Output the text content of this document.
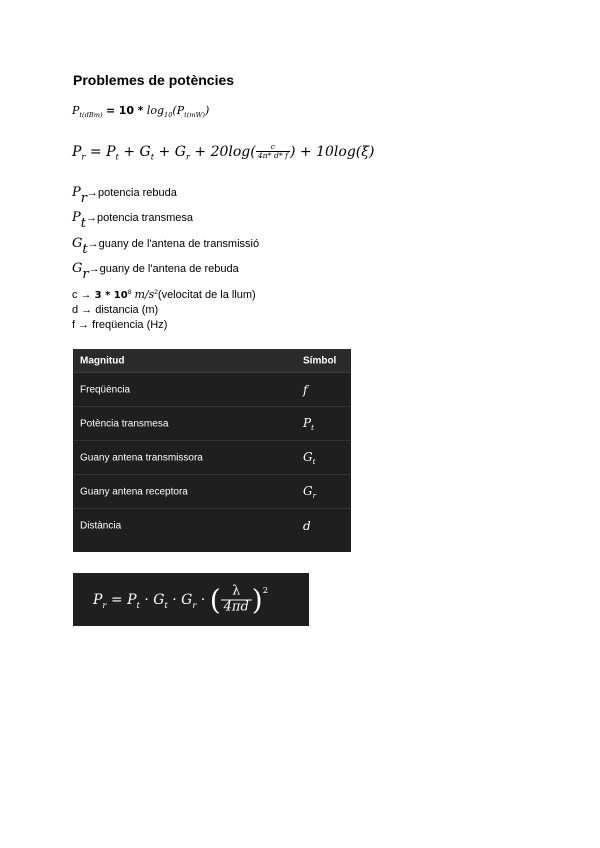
Problemes de potències
$P_{t(dBm)} = 10 * \log_{10}(P_{t(mW)})$
$P_r = P_t + G_t + G_r + 20\log( \frac{c}{4\pi* d* f}$ ) + 10log(ξ)
Pr→potencia rebuda
Pt→potencia transmesa
Gt→guany de l'antena de transmissió
Gr→guany de l'antena de rebuda
$c \to 3 * 10^8$ $m/s^2(velocitat$ de la llum)
d → distancia (m)
f → freqüencia (Hz)
Magnitud	Símbol
Freqüència	f
Potència transmesa	$P_t$
Guany antena transmissora	$G_t$
Guany antena receptora	$G_r$
Distància	d
$P_r = P_t \cdot G_t \cdot G_r$ · ( $\frac{\lambda}{4\pi d} )^2$
